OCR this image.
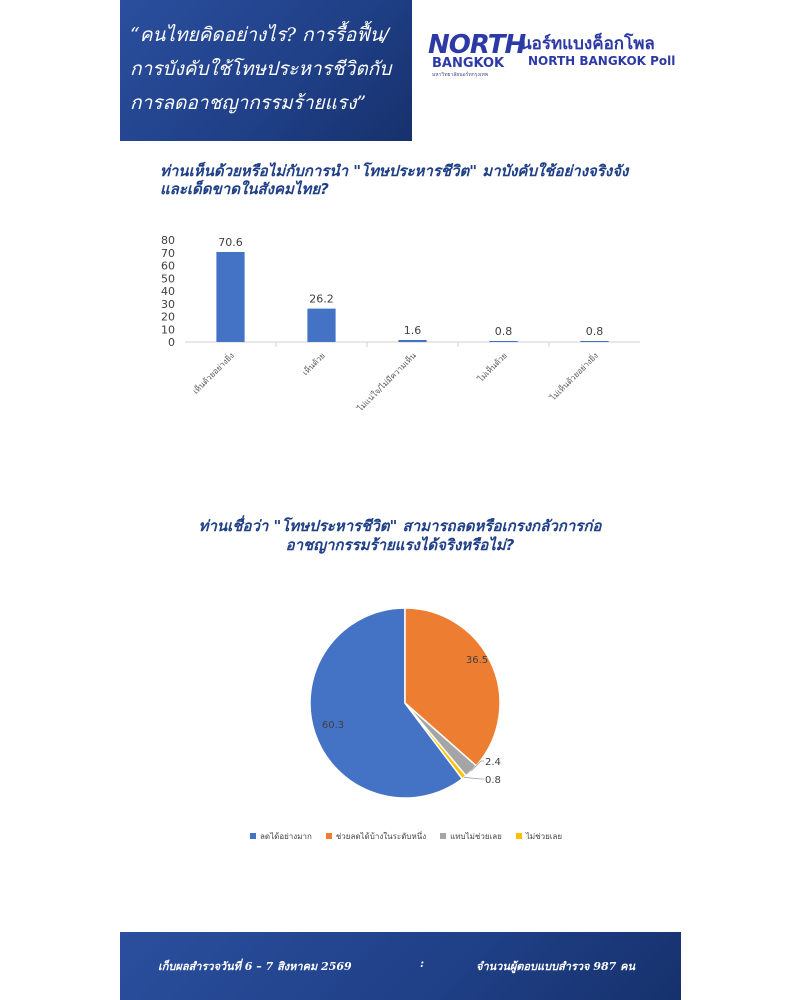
“คนไทยคิดอย่างไร? การรื้อฟื้น/
การบังคับใช้โทษประหารชีวิตกับ
การลดอาชญากรรมร้ายแรง”

NORTH
BANGKOK
มหาวิทยาลัยนอร์ทกรุงเทพ
นอร์ทแบงค็อกโพล
NORTH BANGKOK Poll

ท่านเห็นด้วยหรือไม่กับการนำ "โทษประหารชีวิต" มาบังคับใช้อย่างจริงจังและเด็ดขาดในสังคมไทย?

0
10
20
30
40
50
60
70
80	70.6
เห็นด้วยอย่างยิ่ง
26.2
เห็นด้วย
1.6
ไม่แน่ใจ/ไม่มีความเห็น
0.8
ไม่เห็นด้วย
0.8
ไม่เห็นด้วยอย่างยิ่ง

ท่านเชื่อว่า "โทษประหารชีวิต" สามารถลดหรือเกรงกลัวการก่ออาชญากรรมร้ายแรงได้จริงหรือไม่?

60.3
36.5
2.4
0.8
ลดได้อย่างมาก	ช่วยลดได้บ้างในระดับหนึ่ง	แทบไม่ช่วยเลย	ไม่ช่วยเลย
เก็บผลสำรวจวันที่ 6 – 7 สิงหาคม 2569	:	จำนวนผู้ตอบแบบสำรวจ 987 คน
